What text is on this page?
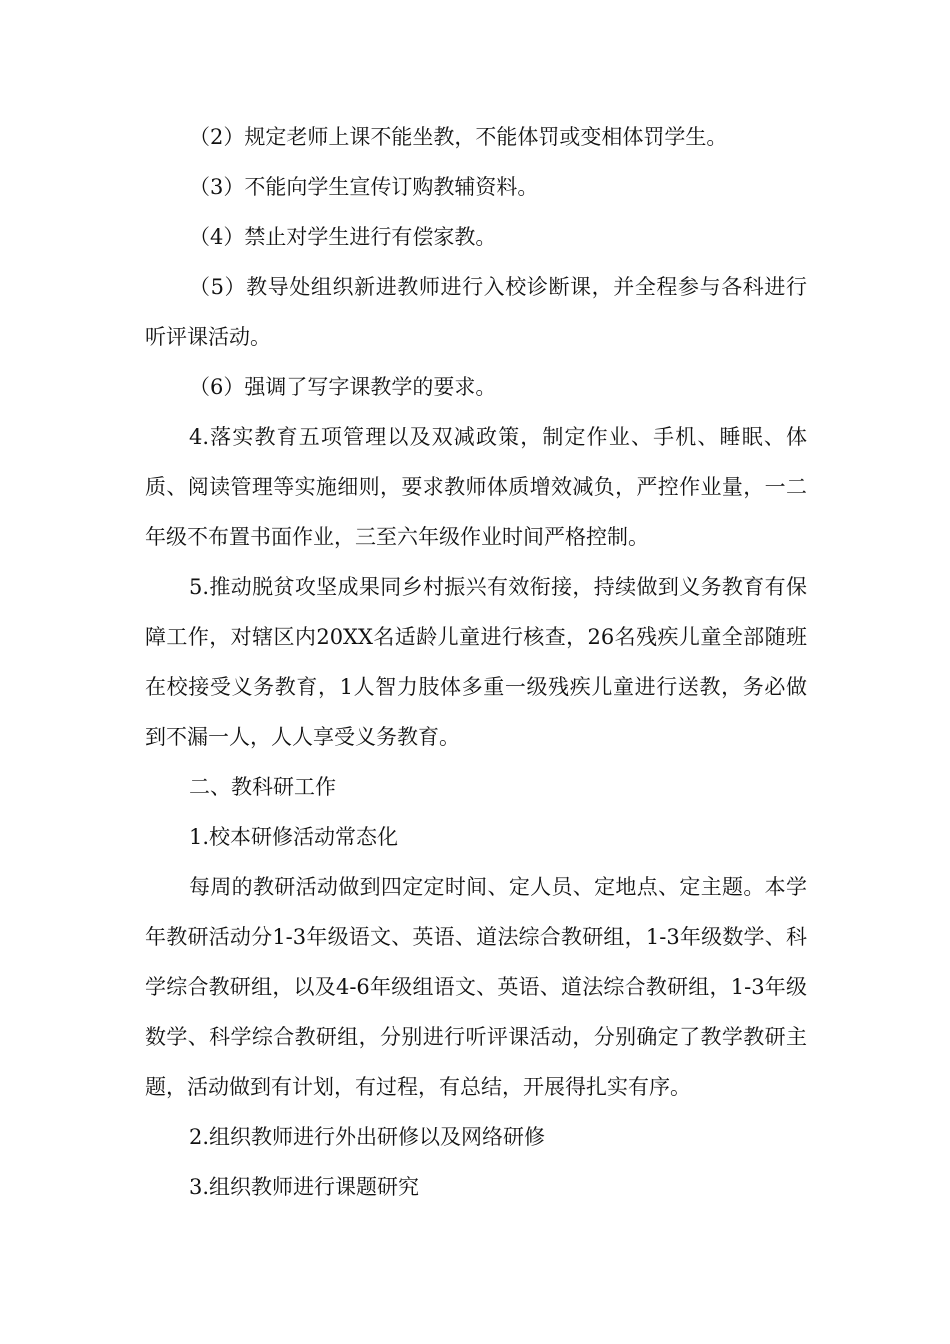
（2）规定老师上课不能坐教，不能体罚或变相体罚学生。

（3）不能向学生宣传订购教辅资料。

（4）禁止对学生进行有偿家教。

（5）教导处组织新进教师进行入校诊断课，并全程参与各科进行听评课活动。

（6）强调了写字课教学的要求。

4.落实教育五项管理以及双减政策，制定作业、手机、睡眠、体质、阅读管理等实施细则，要求教师体质增效减负，严控作业量，一二年级不布置书面作业，三至六年级作业时间严格控制。

5.推动脱贫攻坚成果同乡村振兴有效衔接，持续做到义务教育有保障工作，对辖区内20XX名适龄儿童进行核查，26名残疾儿童全部随班在校接受义务教育，1人智力肢体多重一级残疾儿童进行送教，务必做到不漏一人，人人享受义务教育。

二、教科研工作

1.校本研修活动常态化

每周的教研活动做到四定定时间、定人员、定地点、定主题。本学年教研活动分1-3年级语文、英语、道法综合教研组，1-3年级数学、科学综合教研组，以及4-6年级组语文、英语、道法综合教研组，1-3年级数学、科学综合教研组，分别进行听评课活动，分别确定了教学教研主题，活动做到有计划，有过程，有总结，开展得扎实有序。

2.组织教师进行外出研修以及网络研修

3.组织教师进行课题研究
